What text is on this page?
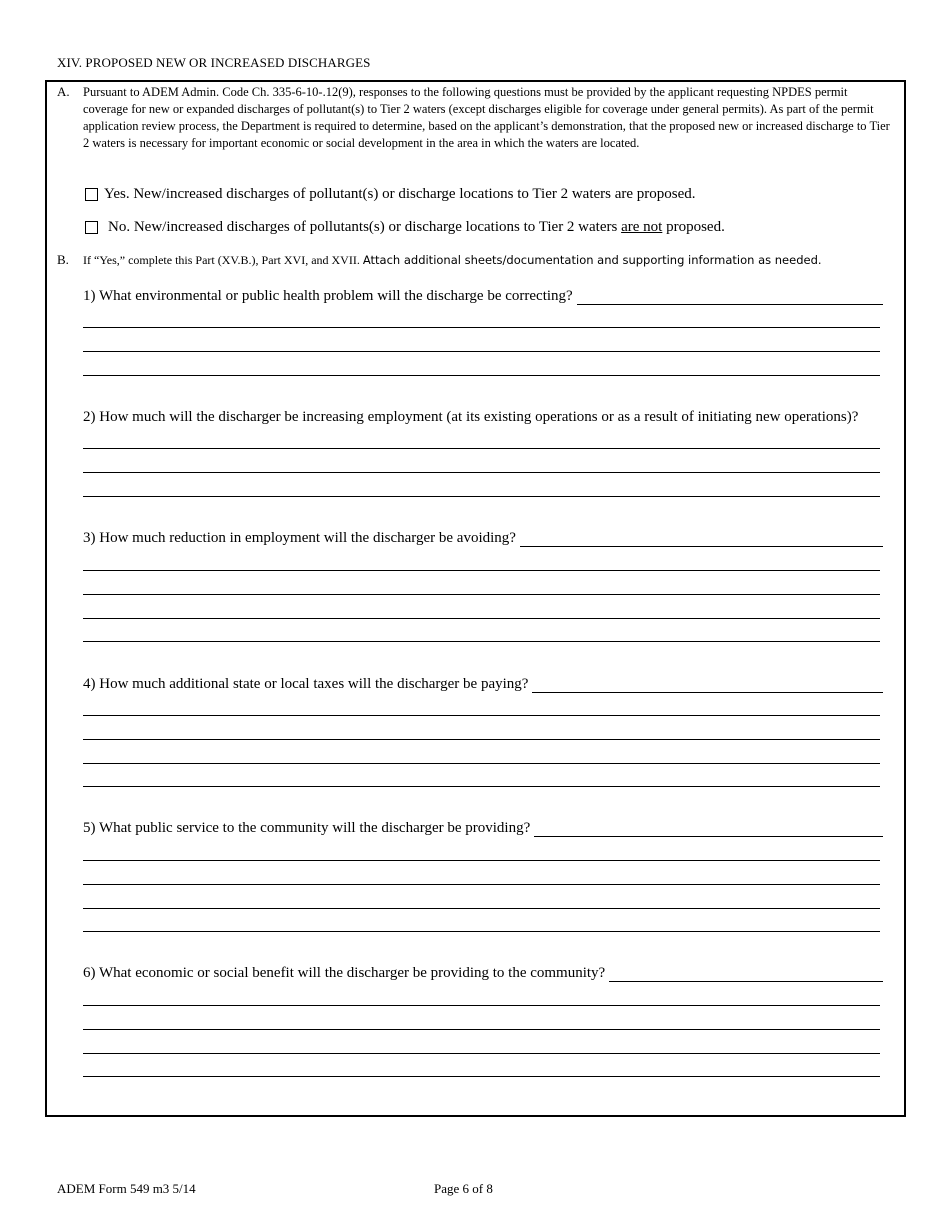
XIV. PROPOSED NEW OR INCREASED DISCHARGES
A. Pursuant to ADEM Admin. Code Ch. 335-6-10-.12(9), responses to the following questions must be provided by the applicant requesting NPDES permit coverage for new or expanded discharges of pollutant(s) to Tier 2 waters (except discharges eligible for coverage under general permits). As part of the permit application review process, the Department is required to determine, based on the applicant’s demonstration, that the proposed new or increased discharge to Tier 2 waters is necessary for important economic or social development in the area in which the waters are located.
Yes. New/increased discharges of pollutant(s) or discharge locations to Tier 2 waters are proposed.
No. New/increased discharges of pollutants(s) or discharge locations to Tier 2 waters are not proposed.
B. If “Yes,” complete this Part (XV.B.), Part XVI, and XVII. Attach additional sheets/documentation and supporting information as needed.
1) What environmental or public health problem will the discharge be correcting?
2) How much will the discharger be increasing employment (at its existing operations or as a result of initiating new operations)?
3) How much reduction in employment will the discharger be avoiding?
4) How much additional state or local taxes will the discharger be paying?
5) What public service to the community will the discharger be providing?
6) What economic or social benefit will the discharger be providing to the community?
ADEM Form 549 m3 5/14	Page 6 of 8
